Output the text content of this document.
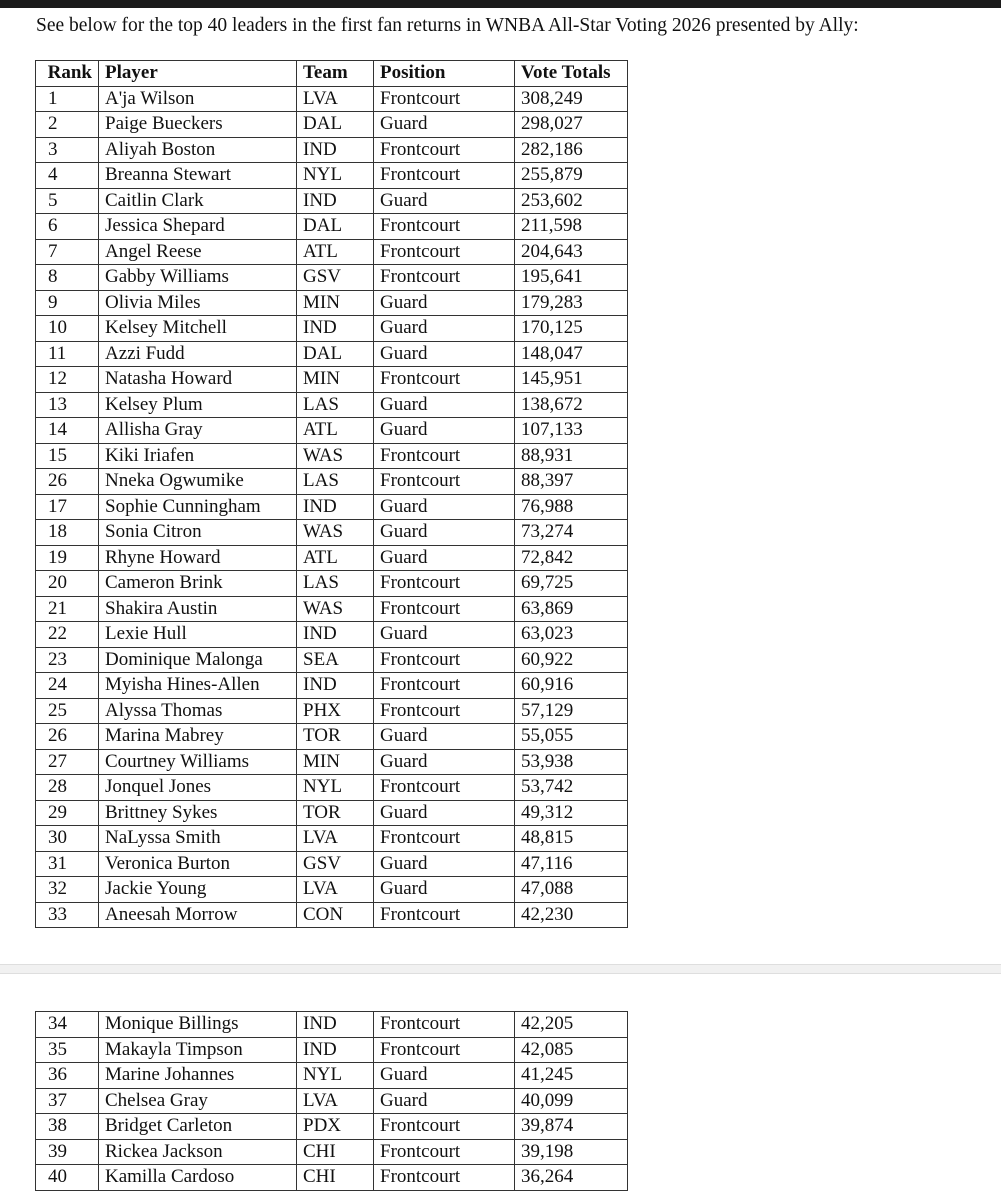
See below for the top 40 leaders in the first fan returns in WNBA All-Star Voting 2026 presented by Ally:
Rank	Player	Team	Position	Vote Totals
1	A'ja Wilson	LVA	Frontcourt	308,249
2	Paige Bueckers	DAL	Guard	298,027
3	Aliyah Boston	IND	Frontcourt	282,186
4	Breanna Stewart	NYL	Frontcourt	255,879
5	Caitlin Clark	IND	Guard	253,602
6	Jessica Shepard	DAL	Frontcourt	211,598
7	Angel Reese	ATL	Frontcourt	204,643
8	Gabby Williams	GSV	Frontcourt	195,641
9	Olivia Miles	MIN	Guard	179,283
10	Kelsey Mitchell	IND	Guard	170,125
11	Azzi Fudd	DAL	Guard	148,047
12	Natasha Howard	MIN	Frontcourt	145,951
13	Kelsey Plum	LAS	Guard	138,672
14	Allisha Gray	ATL	Guard	107,133
15	Kiki Iriafen	WAS	Frontcourt	88,931
26	Nneka Ogwumike	LAS	Frontcourt	88,397
17	Sophie Cunningham	IND	Guard	76,988
18	Sonia Citron	WAS	Guard	73,274
19	Rhyne Howard	ATL	Guard	72,842
20	Cameron Brink	LAS	Frontcourt	69,725
21	Shakira Austin	WAS	Frontcourt	63,869
22	Lexie Hull	IND	Guard	63,023
23	Dominique Malonga	SEA	Frontcourt	60,922
24	Myisha Hines-Allen	IND	Frontcourt	60,916
25	Alyssa Thomas	PHX	Frontcourt	57,129
26	Marina Mabrey	TOR	Guard	55,055
27	Courtney Williams	MIN	Guard	53,938
28	Jonquel Jones	NYL	Frontcourt	53,742
29	Brittney Sykes	TOR	Guard	49,312
30	NaLyssa Smith	LVA	Frontcourt	48,815
31	Veronica Burton	GSV	Guard	47,116
32	Jackie Young	LVA	Guard	47,088
33	Aneesah Morrow	CON	Frontcourt	42,230
34	Monique Billings	IND	Frontcourt	42,205
35	Makayla Timpson	IND	Frontcourt	42,085
36	Marine Johannes	NYL	Guard	41,245
37	Chelsea Gray	LVA	Guard	40,099
38	Bridget Carleton	PDX	Frontcourt	39,874
39	Rickea Jackson	CHI	Frontcourt	39,198
40	Kamilla Cardoso	CHI	Frontcourt	36,264
